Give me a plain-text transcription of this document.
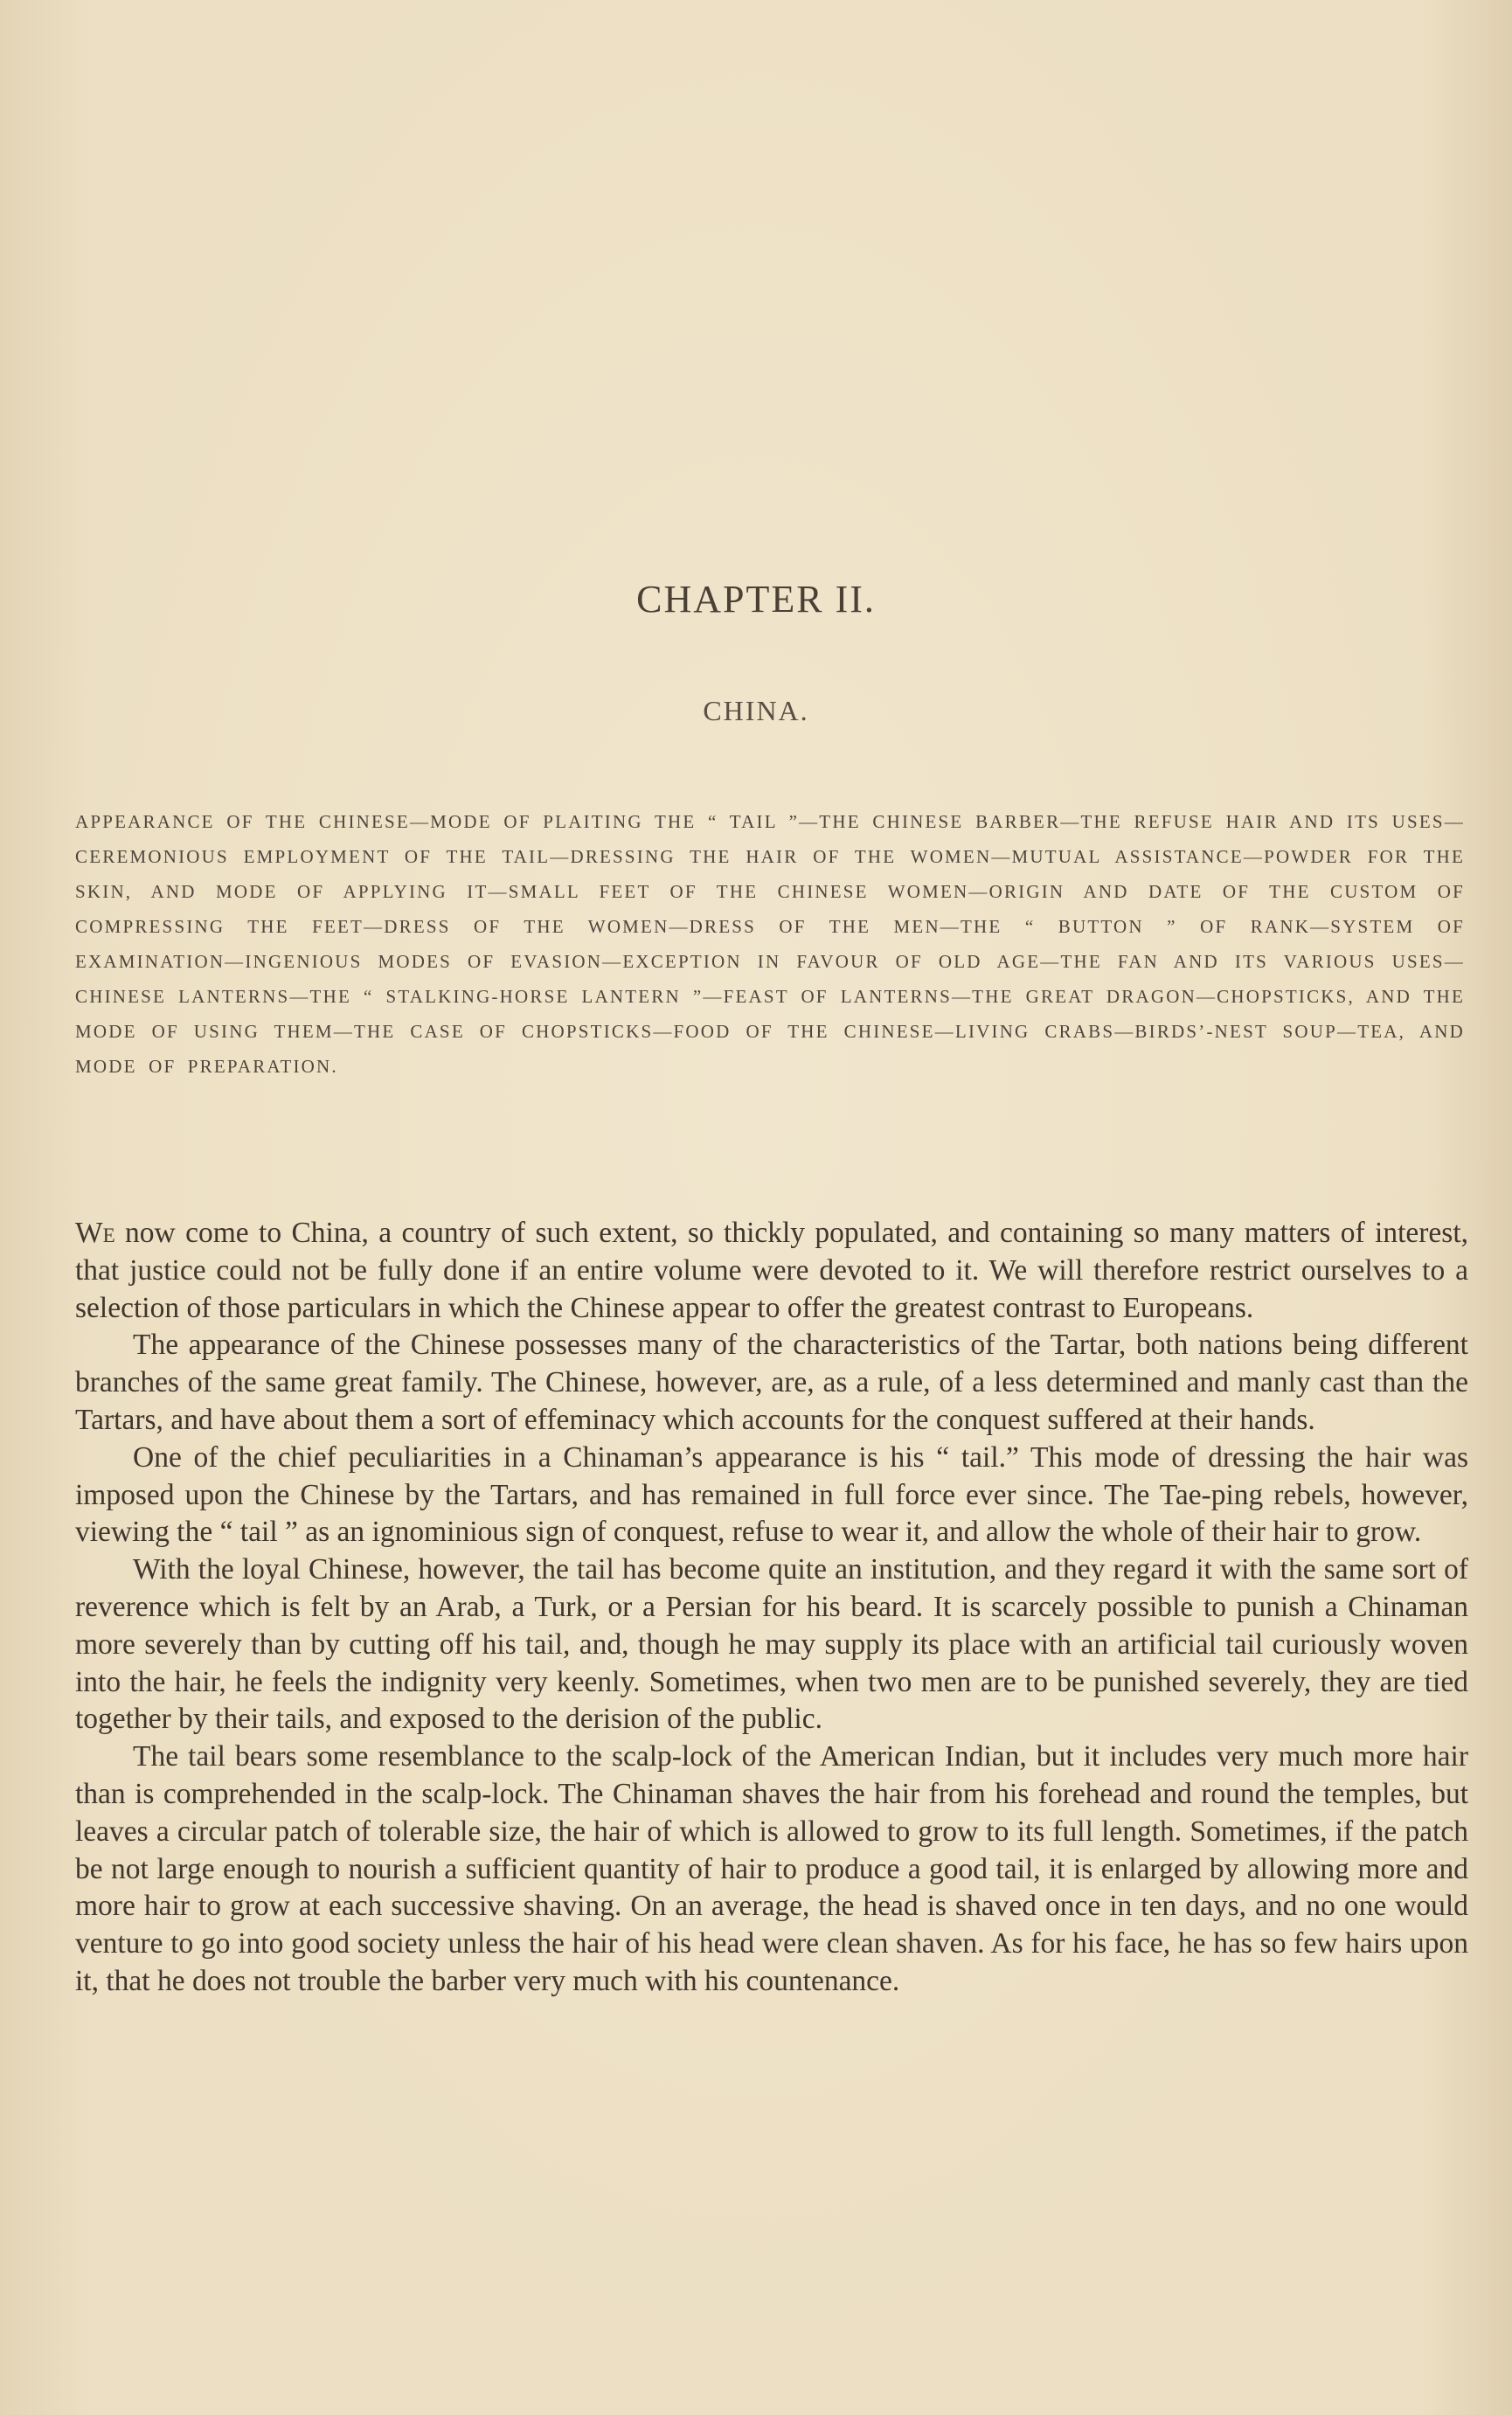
CHAPTER II.
CHINA.
APPEARANCE OF THE CHINESE—MODE OF PLAITING THE “ TAIL ”—THE CHINESE BARBER—THE REFUSE HAIR AND ITS USES—CEREMONIOUS EMPLOYMENT OF THE TAIL—DRESSING THE HAIR OF THE WOMEN—MUTUAL ASSISTANCE—POWDER FOR THE SKIN, AND MODE OF APPLYING IT—SMALL FEET OF THE CHINESE WOMEN—ORIGIN AND DATE OF THE CUSTOM OF COMPRESSING THE FEET—DRESS OF THE WOMEN—DRESS OF THE MEN—THE “ BUTTON ” OF RANK—SYSTEM OF EXAMINATION—INGENIOUS MODES OF EVASION—EXCEPTION IN FAVOUR OF OLD AGE—THE FAN AND ITS VARIOUS USES—CHINESE LANTERNS—THE “ STALKING-HORSE LANTERN ”—FEAST OF LANTERNS—THE GREAT DRAGON—CHOPSTICKS, AND THE MODE OF USING THEM—THE CASE OF CHOPSTICKS—FOOD OF THE CHINESE—LIVING CRABS—BIRDS’-NEST SOUP—TEA, AND MODE OF PREPARATION.

We now come to China, a country of such extent, so thickly populated, and containing so many matters of interest, that justice could not be fully done if an entire volume were devoted to it. We will therefore restrict ourselves to a selection of those particulars in which the Chinese appear to offer the greatest contrast to Europeans.

The appearance of the Chinese possesses many of the characteristics of the Tartar, both nations being different branches of the same great family. The Chinese, however, are, as a rule, of a less determined and manly cast than the Tartars, and have about them a sort of effeminacy which accounts for the conquest suffered at their hands.

One of the chief peculiarities in a Chinaman’s appearance is his “ tail.” This mode of dressing the hair was imposed upon the Chinese by the Tartars, and has remained in full force ever since. The Tae-ping rebels, however, viewing the “ tail ” as an ignominious sign of conquest, refuse to wear it, and allow the whole of their hair to grow.

With the loyal Chinese, however, the tail has become quite an institution, and they regard it with the same sort of reverence which is felt by an Arab, a Turk, or a Persian for his beard. It is scarcely possible to punish a Chinaman more severely than by cutting off his tail, and, though he may supply its place with an artificial tail curiously woven into the hair, he feels the indignity very keenly. Sometimes, when two men are to be punished severely, they are tied together by their tails, and exposed to the derision of the public.

The tail bears some resemblance to the scalp-lock of the American Indian, but it includes very much more hair than is comprehended in the scalp-lock. The Chinaman shaves the hair from his forehead and round the temples, but leaves a circular patch of tolerable size, the hair of which is allowed to grow to its full length. Sometimes, if the patch be not large enough to nourish a sufficient quantity of hair to produce a good tail, it is enlarged by allowing more and more hair to grow at each successive shaving. On an average, the head is shaved once in ten days, and no one would venture to go into good society unless the hair of his head were clean shaven. As for his face, he has so few hairs upon it, that he does not trouble the barber very much with his countenance.
